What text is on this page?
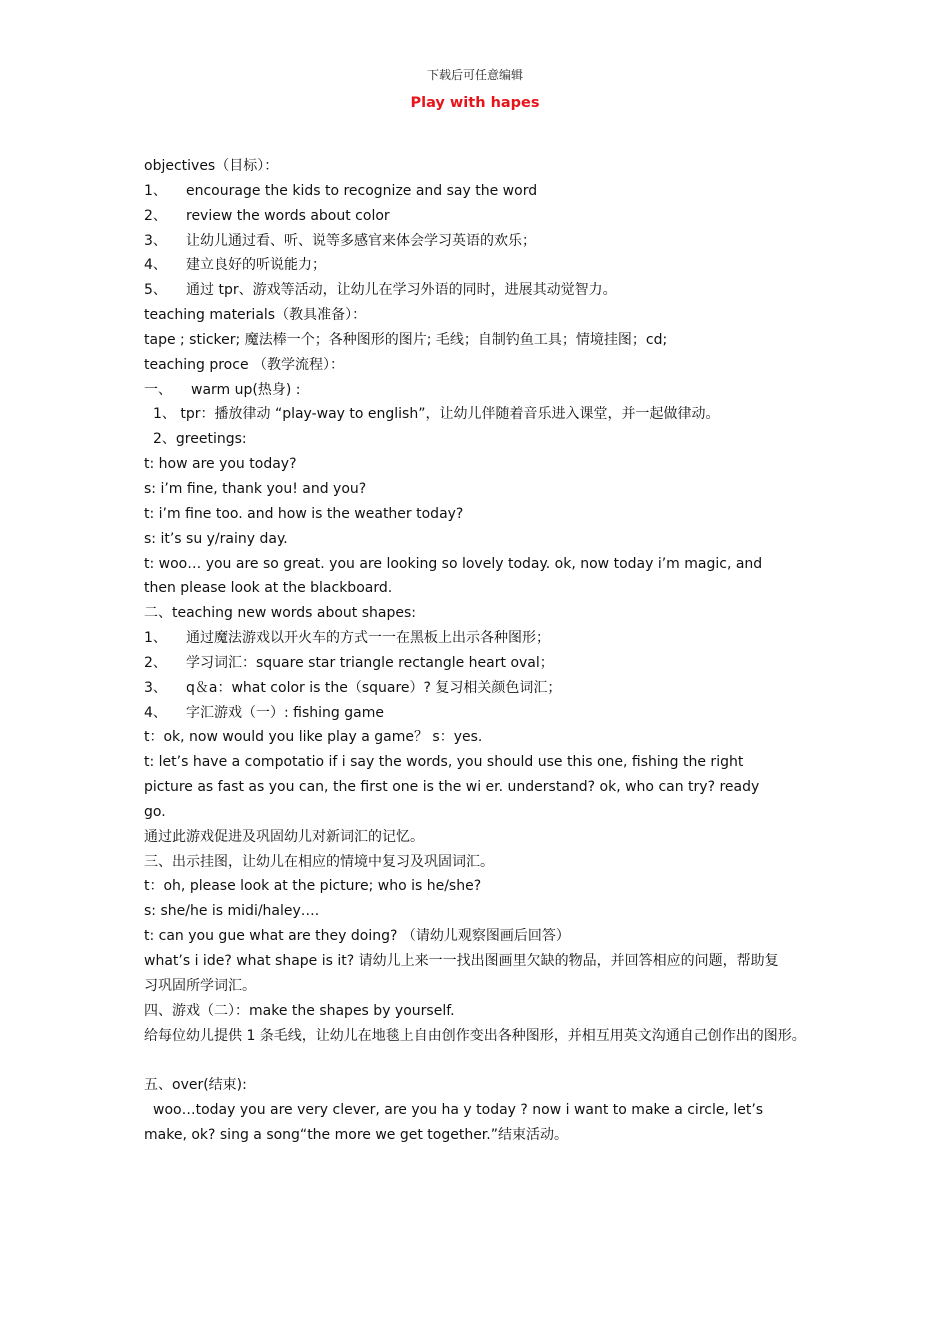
下载后可任意编辑
Play with hapes
objectives（目标）：
1、 encourage the kids to recognize and say the word
2、 review the words about color
3、 让幼儿通过看、听、说等多感官来体会学习英语的欢乐；
4、 建立良好的听说能力；
5、 通过 tpr、游戏等活动，让幼儿在学习外语的同时，进展其动觉智力。
teaching materials（教具准备）：
tape ; sticker; 魔法棒一个；各种图形的图片; 毛线；自制钓鱼工具；情境挂图；cd;
teaching proce （教学流程）：
一、 warm up(热身) :
1、 tpr：播放律动 “play-way to english”，让幼儿伴随着音乐进入课堂，并一起做律动。
2、greetings:
t: how are you today?
s: i’m fine, thank you! and you?
t: i’m fine too. and how is the weather today?
s: it’s su y/rainy day.
t: woo… you are so great. you are looking so lovely today. ok, now today i’m magic, and
then please look at the blackboard.
二、teaching new words about shapes:
1、 通过魔法游戏以开火车的方式一一在黑板上出示各种图形；
2、 学习词汇：square star triangle rectangle heart oval；
3、 q＆a：what color is the（square）? 复习相关颜色词汇；
4、 字汇游戏（一）: fishing game
t：ok, now would you like play a game？ s：yes.
t: let’s have a compotatio if i say the words, you should use this one, fishing the right
picture as fast as you can, the first one is the wi er. understand? ok, who can try? ready
go.
通过此游戏促进及巩固幼儿对新词汇的记忆。
三、出示挂图，让幼儿在相应的情境中复习及巩固词汇。
t：oh, please look at the picture; who is he/she?
s: she/he is midi/haley….
t: can you gue what are they doing? （请幼儿观察图画后回答）
what’s i ide? what shape is it? 请幼儿上来一一找出图画里欠缺的物品，并回答相应的问题，帮助复
习巩固所学词汇。
四、游戏（二）：make the shapes by yourself.
给每位幼儿提供 1 条毛线，让幼儿在地毯上自由创作变出各种图形，并相互用英文沟通自己创作出的图形。
五、over(结束):
woo…today you are very clever, are you ha y today ? now i want to make a circle, let’s
make, ok? sing a song“the more we get together.”结束活动。
